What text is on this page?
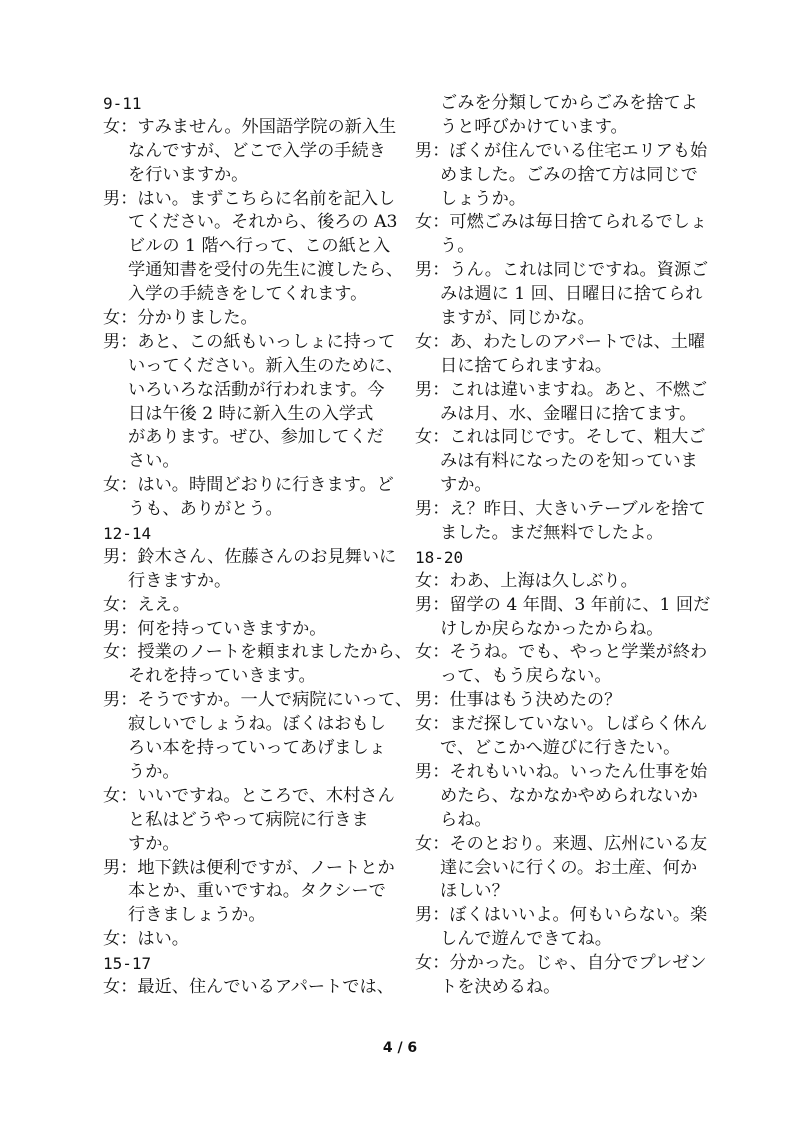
9-11
女：すみません。外国語学院の新入生
なんですが、どこで入学の手続き
を行いますか。
男：はい。まずこちらに名前を記入し
てください。それから、後ろの A3
ビルの 1 階へ行って、この紙と入
学通知書を受付の先生に渡したら、
入学の手続きをしてくれます。
女：分かりました。
男：あと、この紙もいっしょに持って
いってください。新入生のために、
いろいろな活動が行われます。今
日は午後 2 時に新入生の入学式
があります。ぜひ、参加してくだ
さい。
女：はい。時間どおりに行きます。ど
うも、ありがとう。
12-14
男：鈴木さん、佐藤さんのお見舞いに
行きますか。
女：ええ。
男：何を持っていきますか。
女：授業のノートを頼まれましたから、
それを持っていきます。
男：そうですか。一人で病院にいって、
寂しいでしょうね。ぼくはおもし
ろい本を持っていってあげましょ
うか。
女：いいですね。ところで、木村さん
と私はどうやって病院に行きま
すか。
男：地下鉄は便利ですが、ノートとか
本とか、重いですね。タクシーで
行きましょうか。
女：はい。
15-17
女：最近、住んでいるアパートでは、
ごみを分類してからごみを捨てよ
うと呼びかけています。
男：ぼくが住んでいる住宅エリアも始
めました。ごみの捨て方は同じで
しょうか。
女：可燃ごみは毎日捨てられるでしょ
う。
男：うん。これは同じですね。資源ご
みは週に 1 回、日曜日に捨てられ
ますが、同じかな。
女：あ、わたしのアパートでは、土曜
日に捨てられますね。
男：これは違いますね。あと、不燃ご
みは月、水、金曜日に捨てます。
女：これは同じです。そして、粗大ご
みは有料になったのを知っていま
すか。
男：え？昨日、大きいテーブルを捨て
ました。まだ無料でしたよ。
18-20
女：わあ、上海は久しぶり。
男：留学の 4 年間、3 年前に、1 回だ
けしか戻らなかったからね。
女：そうね。でも、やっと学業が終わ
って、もう戻らない。
男：仕事はもう決めたの？
女：まだ探していない。しばらく休ん
で、どこかへ遊びに行きたい。
男：それもいいね。いったん仕事を始
めたら、なかなかやめられないか
らね。
女：そのとおり。来週、広州にいる友
達に会いに行くの。お土産、何か
ほしい？
男：ぼくはいいよ。何もいらない。楽
しんで遊んできてね。
女：分かった。じゃ、自分でプレゼン
トを決めるね。
4 / 6
